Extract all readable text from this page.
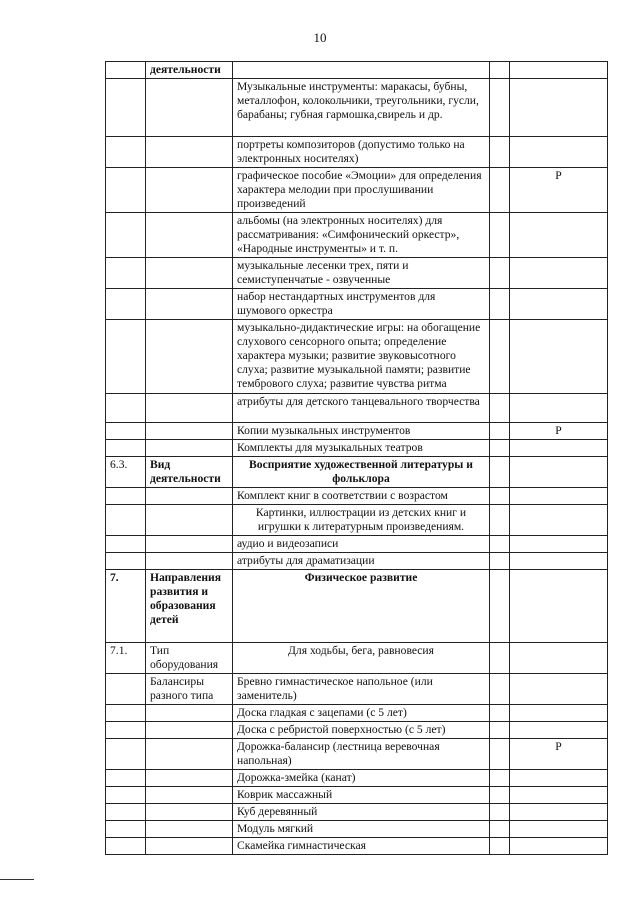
10
	деятельности			
		Музыкальные инструменты: маракасы, бубны, металлофон, колокольчики, треугольники, гусли, барабаны; губная гармошка,свирель и др.		
		портреты композиторов (допустимо только на электронных носителях)		
		графическое пособие «Эмоции» для определения характера мелодии при прослушивании произведений		Р
		альбомы (на электронных носителях) для рассматривания: «Симфонический оркестр», «Народные инструменты» и т. п.		
		музыкальные лесенки трех, пяти и семиступенчатые - озвученные		
		набор нестандартных инструментов для шумового оркестра		
		музыкально-дидактические игры: на обогащение слухового сенсорного опыта; определение характера музыки; развитие звуковысотного слуха; развитие музыкальной памяти; развитие тембрового слуха; развитие чувства ритма		
		атрибуты для детского танцевального творчества		
		Копии музыкальных инструментов		Р
		Комплекты для музыкальных театров		
6.3.	Вид деятельности	Восприятие художественной литературы и фольклора		
		Комплект книг в соответствии с возрастом		
		Картинки, иллюстрации из детских книг и игрушки к литературным произведениям.		
		аудио и видеозаписи		
		атрибуты для драматизации		
7.	Направления развития и образования детей	Физическое развитие		
7.1.	Тип оборудования	Для ходьбы, бега, равновесия		
	Балансиры разного типа	Бревно гимнастическое напольное (или заменитель)		
		Доска гладкая с зацепами (с 5 лет)		
		Доска с ребристой поверхностью (с 5 лет)		
		Дорожка-балансир (лестница веревочная напольная)		Р
		Дорожка-змейка (канат)		
		Коврик массажный		
		Куб деревянный		
		Модуль мягкий		
		Скамейка гимнастическая		
